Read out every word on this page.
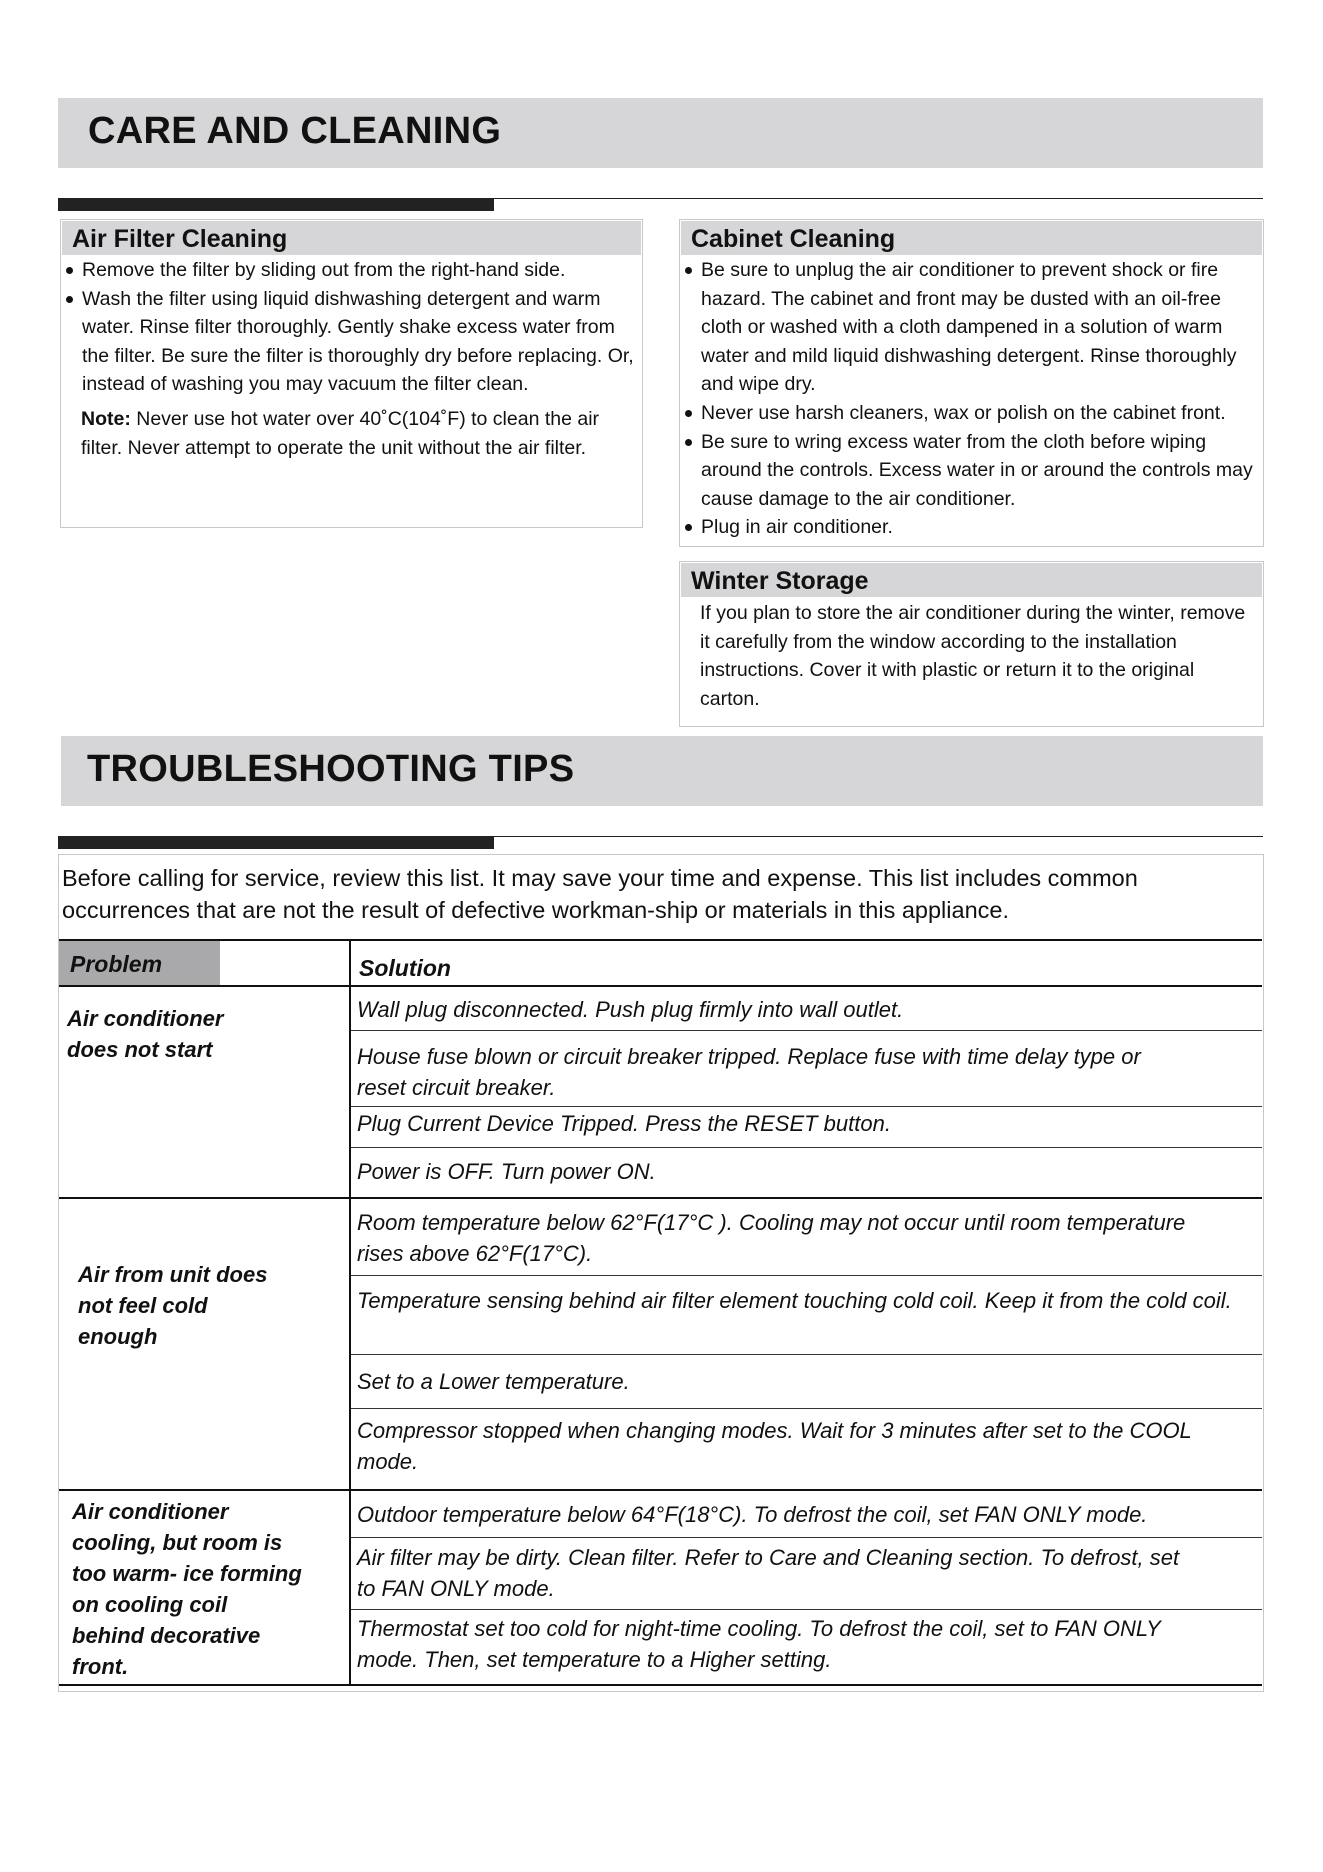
CARE AND CLEANING
Air Filter Cleaning
Remove the filter by sliding out from the right-hand side.
Wash the filter using liquid dishwashing detergent and warm water. Rinse filter thoroughly. Gently shake excess water from the filter. Be sure the filter is thoroughly dry before replacing. Or, instead of washing you may vacuum the filter clean.
Note: Never use hot water over 40˚C(104˚F) to clean the air filter. Never attempt to operate the unit without the air filter.
Cabinet Cleaning
Be sure to unplug the air conditioner to prevent shock or fire hazard. The cabinet and front may be dusted with an oil-free cloth or washed with a cloth dampened in a solution of warm water and mild liquid dishwashing detergent. Rinse thoroughly and wipe dry.
Never use harsh cleaners, wax or polish on the cabinet front.
Be sure to wring excess water from the cloth before wiping around the controls. Excess water in or around the controls may cause damage to the air conditioner.
Plug in air conditioner.
Winter Storage
If you plan to store the air conditioner during the winter, remove it carefully from the window according to the installation instructions. Cover it with plastic or return it to the original carton.
TROUBLESHOOTING TIPS
Before calling for service, review this list. It may save your time and expense. This list includes common occurrences that are not the result of defective workman-ship or materials in this appliance.
Problem	Solution
Air conditioner does not start
Wall plug disconnected. Push plug firmly into wall outlet.
House fuse blown or circuit breaker tripped. Replace fuse with time delay type or reset circuit breaker.
Plug Current Device Tripped. Press the RESET button.
Power is OFF. Turn power ON.
Air from unit does not feel cold enough
Room temperature below 62°F(17°C ). Cooling may not occur until room temperature rises above 62°F(17°C).
Temperature sensing behind air filter element touching cold coil. Keep it from the cold coil.
Set to a Lower temperature.
Compressor stopped when changing modes. Wait for 3 minutes after set to the COOL mode.
Air conditioner cooling, but room is too warm- ice forming on cooling coil behind decorative front.
Outdoor temperature below 64°F(18°C). To defrost the coil, set FAN ONLY mode.
Air filter may be dirty. Clean filter. Refer to Care and Cleaning section. To defrost, set to FAN ONLY mode.
Thermostat set too cold for night-time cooling. To defrost the coil, set to FAN ONLY mode. Then, set temperature to a Higher setting.
